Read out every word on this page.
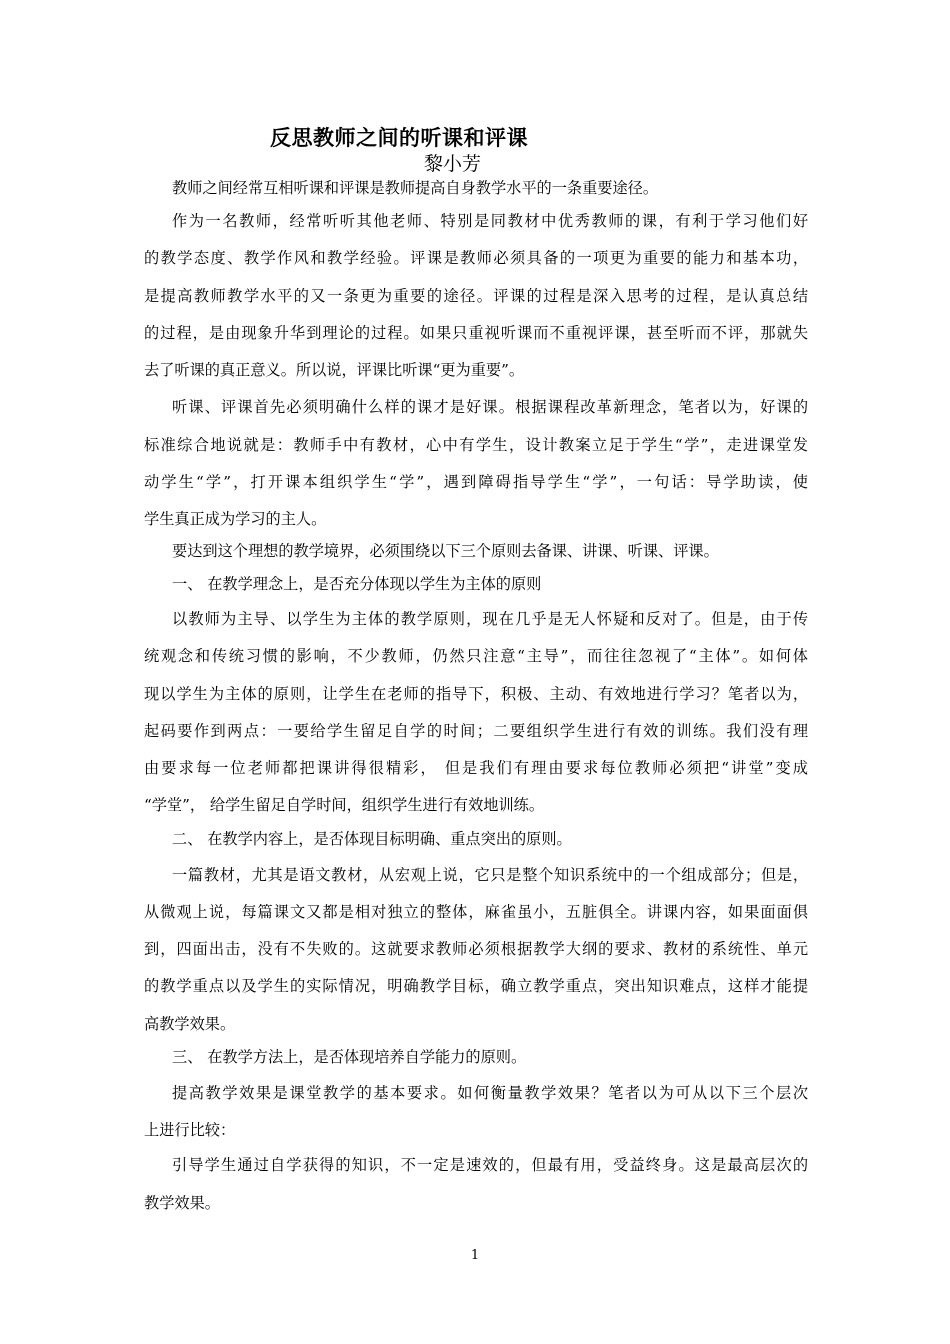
反思教师之间的听课和评课
黎小芳
教师之间经常互相听课和评课是教师提高自身教学水平的一条重要途径。
作为一名教师，经常听听其他老师、特别是同教材中优秀教师的课，有利于学习他们好
的教学态度、教学作风和教学经验。评课是教师必须具备的一项更为重要的能力和基本功，
是提高教师教学水平的又一条更为重要的途径。评课的过程是深入思考的过程，是认真总结
的过程，是由现象升华到理论的过程。如果只重视听课而不重视评课，甚至听而不评，那就失
去了听课的真正意义。所以说，评课比听课“更为重要”。
听课、评课首先必须明确什么样的课才是好课。根据课程改革新理念，笔者以为，好课的
标准综合地说就是：教师手中有教材，心中有学生，设计教案立足于学生“学”，走进课堂发
动学生“学”，打开课本组织学生“学”，遇到障碍指导学生“学”，一句话：导学助读，使
学生真正成为学习的主人。
要达到这个理想的教学境界，必须围绕以下三个原则去备课、讲课、听课、评课。
一、 在教学理念上，是否充分体现以学生为主体的原则
以教师为主导、以学生为主体的教学原则，现在几乎是无人怀疑和反对了。但是，由于传
统观念和传统习惯的影响，不少教师，仍然只注意“主导”，而往往忽视了“主体”。如何体
现以学生为主体的原则，让学生在老师的指导下，积极、主动、有效地进行学习？笔者以为，
起码要作到两点：一要给学生留足自学的时间；二要组织学生进行有效的训练。我们没有理
由要求每一位老师都把课讲得很精彩， 但是我们有理由要求每位教师必须把“讲堂”变成
“学堂”， 给学生留足自学时间，组织学生进行有效地训练。
二、 在教学内容上，是否体现目标明确、重点突出的原则。
一篇教材，尤其是语文教材，从宏观上说，它只是整个知识系统中的一个组成部分；但是，
从微观上说，每篇课文又都是相对独立的整体，麻雀虽小，五脏俱全。讲课内容，如果面面俱
到，四面出击，没有不失败的。这就要求教师必须根据教学大纲的要求、教材的系统性、单元
的教学重点以及学生的实际情况，明确教学目标，确立教学重点，突出知识难点，这样才能提
高教学效果。
三、 在教学方法上，是否体现培养自学能力的原则。
提高教学效果是课堂教学的基本要求。如何衡量教学效果？笔者以为可从以下三个层次
上进行比较：
引导学生通过自学获得的知识，不一定是速效的，但最有用，受益终身。这是最高层次的
教学效果。
1
